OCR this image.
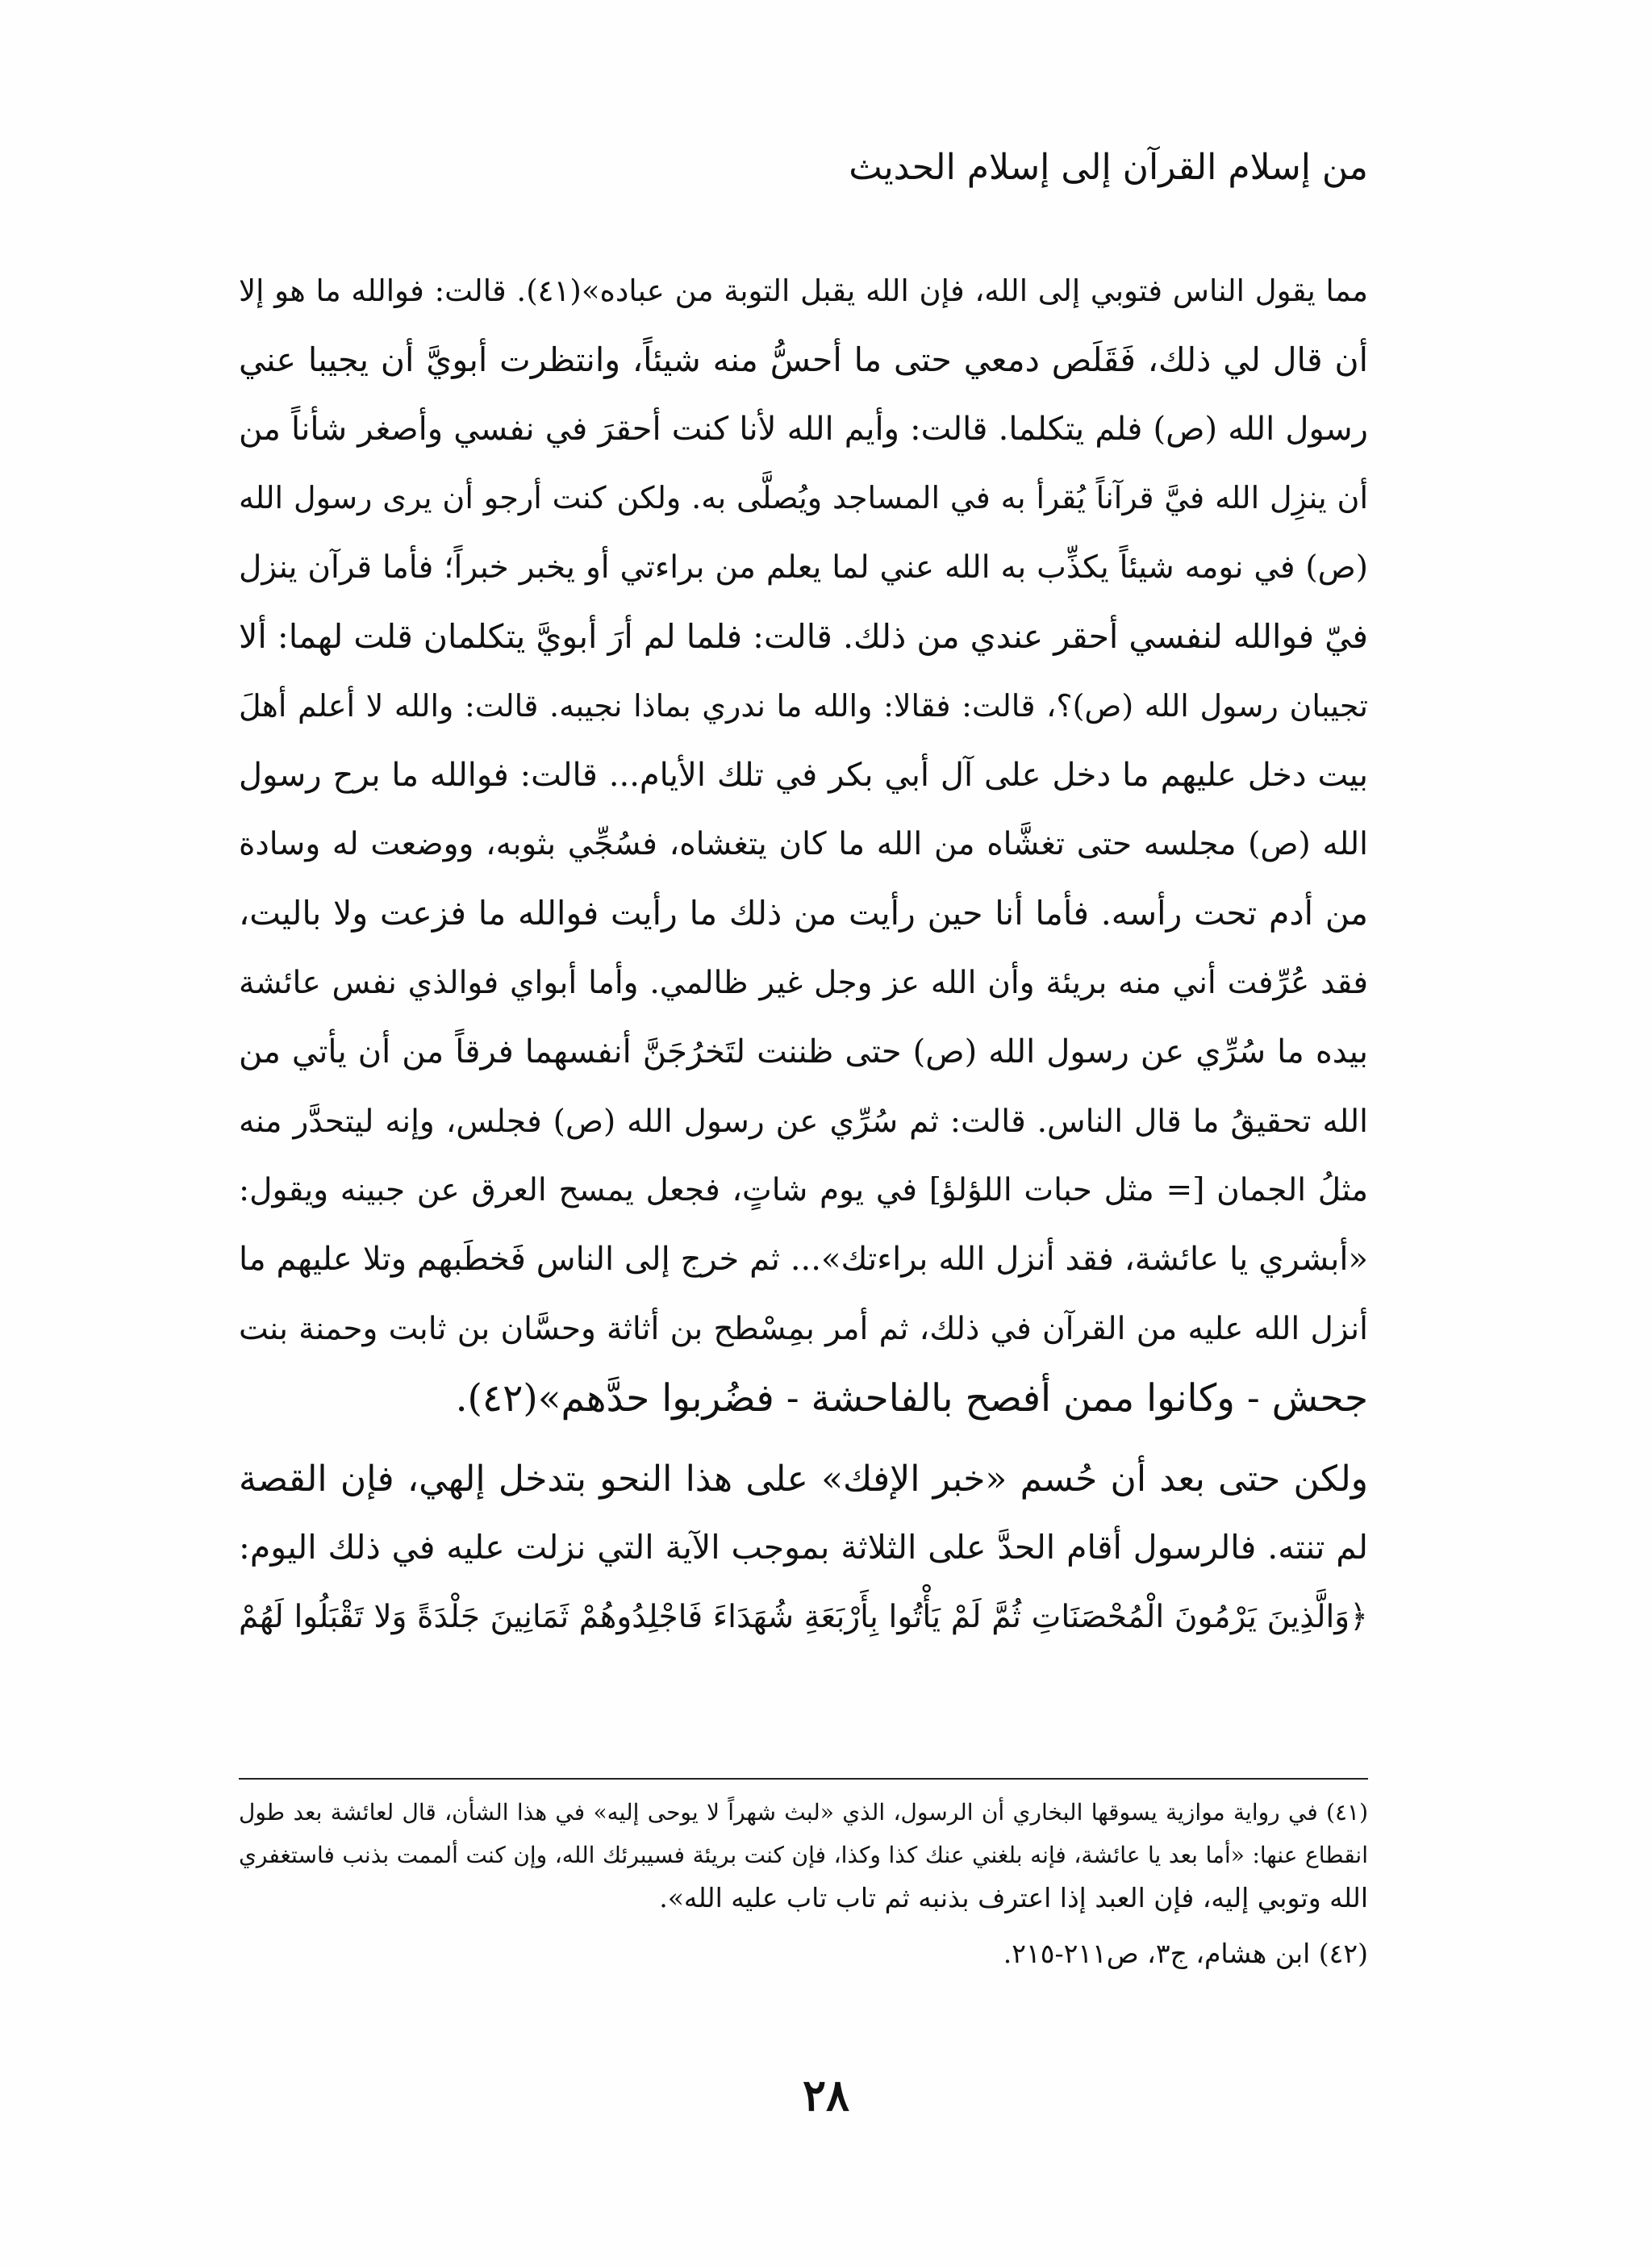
من إسلام القرآن إلى إسلام الحديث
مما يقول الناس فتوبي إلى الله، فإن الله يقبل التوبة من عباده»(٤١). قالت: فوالله ما هو إلا
أن قال لي ذلك، فَقَلَص دمعي حتى ما أحسُّ منه شيئاً، وانتظرت أبويَّ أن يجيبا عني
رسول الله (ص) فلم يتكلما. قالت: وأيم الله لأنا كنت أحقرَ في نفسي وأصغر شأناً من
أن ينزِل الله فيَّ قرآناً يُقرأ به في المساجد ويُصلَّى به. ولكن كنت أرجو أن يرى رسول الله
(ص) في نومه شيئاً يكذِّب به الله عني لما يعلم من براءتي أو يخبر خبراً؛ فأما قرآن ينزل
فيّ فوالله لنفسي أحقر عندي من ذلك. قالت: فلما لم أرَ أبويَّ يتكلمان قلت لهما: ألا
تجيبان رسول الله (ص)؟، قالت: فقالا: والله ما ندري بماذا نجيبه. قالت: والله لا أعلم أهلَ
بيت دخل عليهم ما دخل على آل أبي بكر في تلك الأيام... قالت: فوالله ما برح رسول
الله (ص) مجلسه حتى تغشَّاه من الله ما كان يتغشاه، فسُجِّي بثوبه، ووضعت له وسادة
من أدم تحت رأسه. فأما أنا حين رأيت من ذلك ما رأيت فوالله ما فزعت ولا باليت،
فقد عُرِّفت أني منه بريئة وأن الله عز وجل غير ظالمي. وأما أبواي فوالذي نفس عائشة
بيده ما سُرِّي عن رسول الله (ص) حتى ظننت لتَخرُجَنَّ أنفسهما فرقاً من أن يأتي من
الله تحقيقُ ما قال الناس. قالت: ثم سُرِّي عن رسول الله (ص) فجلس، وإنه ليتحدَّر منه
مثلُ الجمان [= مثل حبات اللؤلؤ] في يوم شاتٍ، فجعل يمسح العرق عن جبينه ويقول:
«أبشري يا عائشة، فقد أنزل الله براءتك»... ثم خرج إلى الناس فَخطَبهم وتلا عليهم ما
أنزل الله عليه من القرآن في ذلك، ثم أمر بمِسْطح بن أثاثة وحسَّان بن ثابت وحمنة بنت
جحش - وكانوا ممن أفصح بالفاحشة - فضُربوا حدَّهم»(٤٢).
ولكن حتى بعد أن حُسم «خبر الإفك» على هذا النحو بتدخل إلهي، فإن القصة
لم تنته. فالرسول أقام الحدَّ على الثلاثة بموجب الآية التي نزلت عليه في ذلك اليوم:
﴿وَالَّذِينَ يَرْمُونَ الْمُحْصَنَاتِ ثُمَّ لَمْ يَأْتُوا بِأَرْبَعَةِ شُهَدَاءَ فَاجْلِدُوهُمْ ثَمَانِينَ جَلْدَةً وَلا تَقْبَلُوا لَهُمْ
(٤١) في رواية موازية يسوقها البخاري أن الرسول، الذي «لبث شهراً لا يوحى إليه» في هذا الشأن، قال لعائشة بعد طول
انقطاع عنها: «أما بعد يا عائشة، فإنه بلغني عنك كذا وكذا، فإن كنت بريئة فسيبرئك الله، وإن كنت ألممت بذنب فاستغفري
الله وتوبي إليه، فإن العبد إذا اعترف بذنبه ثم تاب تاب عليه الله».
(٤٢) ابن هشام، ج٣، ص٢١١-٢١٥.
٢٨
